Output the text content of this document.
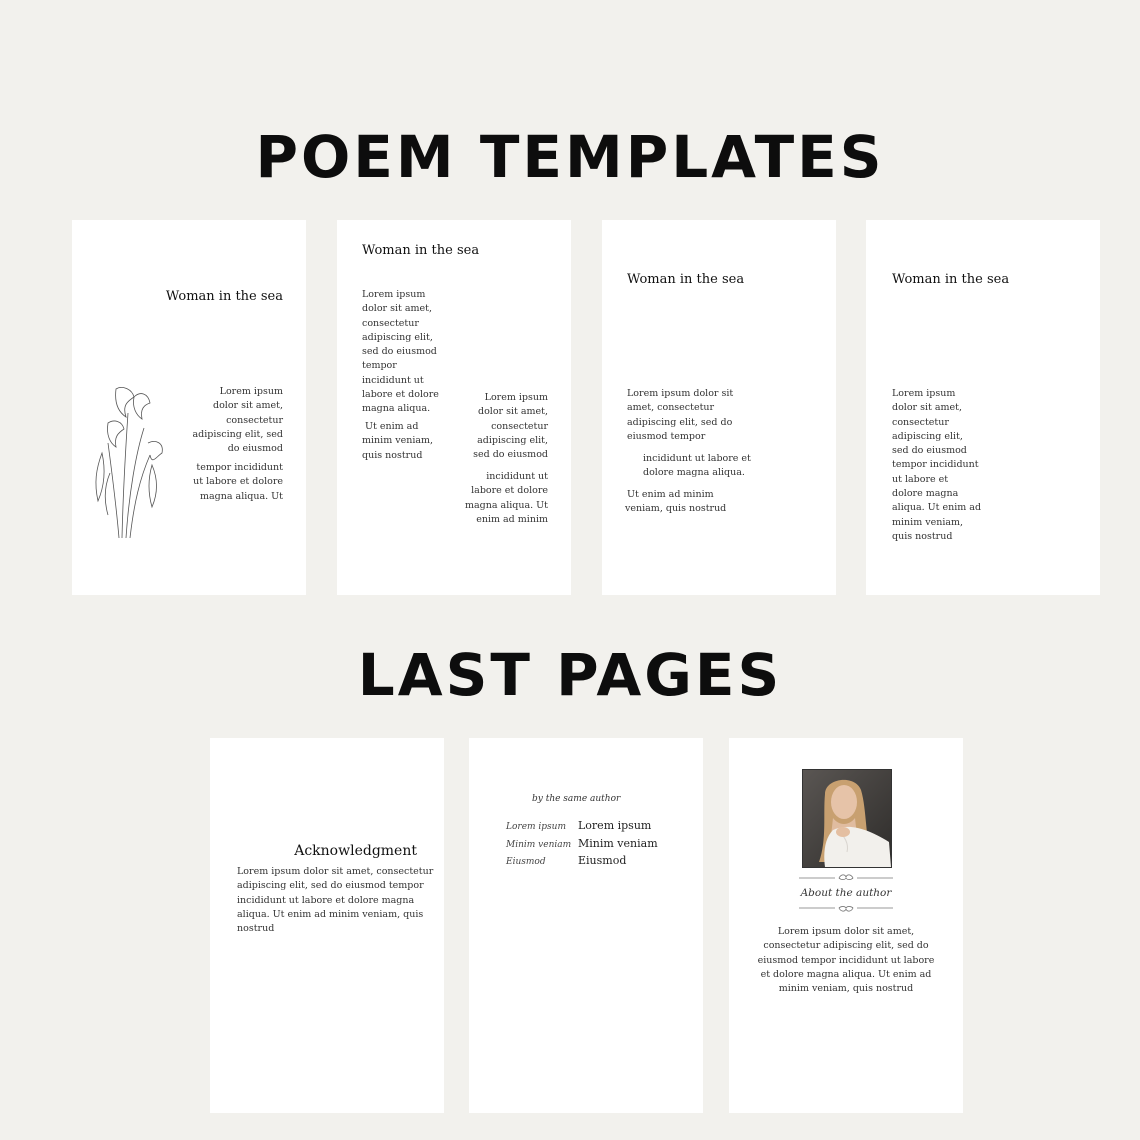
POEM TEMPLATES
LAST PAGES
Woman in the sea
Lorem ipsum
dolor sit amet,
consectetur
adipiscing elit, sed
do eiusmod
tempor incididunt
ut labore et dolore
magna aliqua. Ut
Woman in the sea
Lorem ipsum
dolor sit amet,
consectetur
adipiscing elit,
sed do eiusmod
tempor
incididunt ut
labore et dolore
magna aliqua.
Ut enim ad
minim veniam,
quis nostrud
Lorem ipsum
dolor sit amet,
consectetur
adipiscing elit,
sed do eiusmod
incididunt ut
labore et dolore
magna aliqua. Ut
enim ad minim
Woman in the sea
Lorem ipsum dolor sit
amet, consectetur
adipiscing elit, sed do
eiusmod tempor
incididunt ut labore et
dolore magna aliqua.
Ut enim ad minim
veniam, quis nostrud
Woman in the sea
Lorem ipsum
dolor sit amet,
consectetur
adipiscing elit,
sed do eiusmod
tempor incididunt
ut labore et
dolore magna
aliqua. Ut enim ad
minim veniam,
quis nostrud
Acknowledgment
Lorem ipsum dolor sit amet, consectetur
adipiscing elit, sed do eiusmod tempor
incididunt ut labore et dolore magna
aliqua. Ut enim ad minim veniam, quis
nostrud
by the same author
Lorem ipsum Lorem ipsum
Minim veniam Minim veniam
Eiusmod	Eiusmod
About the author
Lorem ipsum dolor sit amet,
consectetur adipiscing elit, sed do
eiusmod tempor incididunt ut labore
et dolore magna aliqua. Ut enim ad
minim veniam, quis nostrud
